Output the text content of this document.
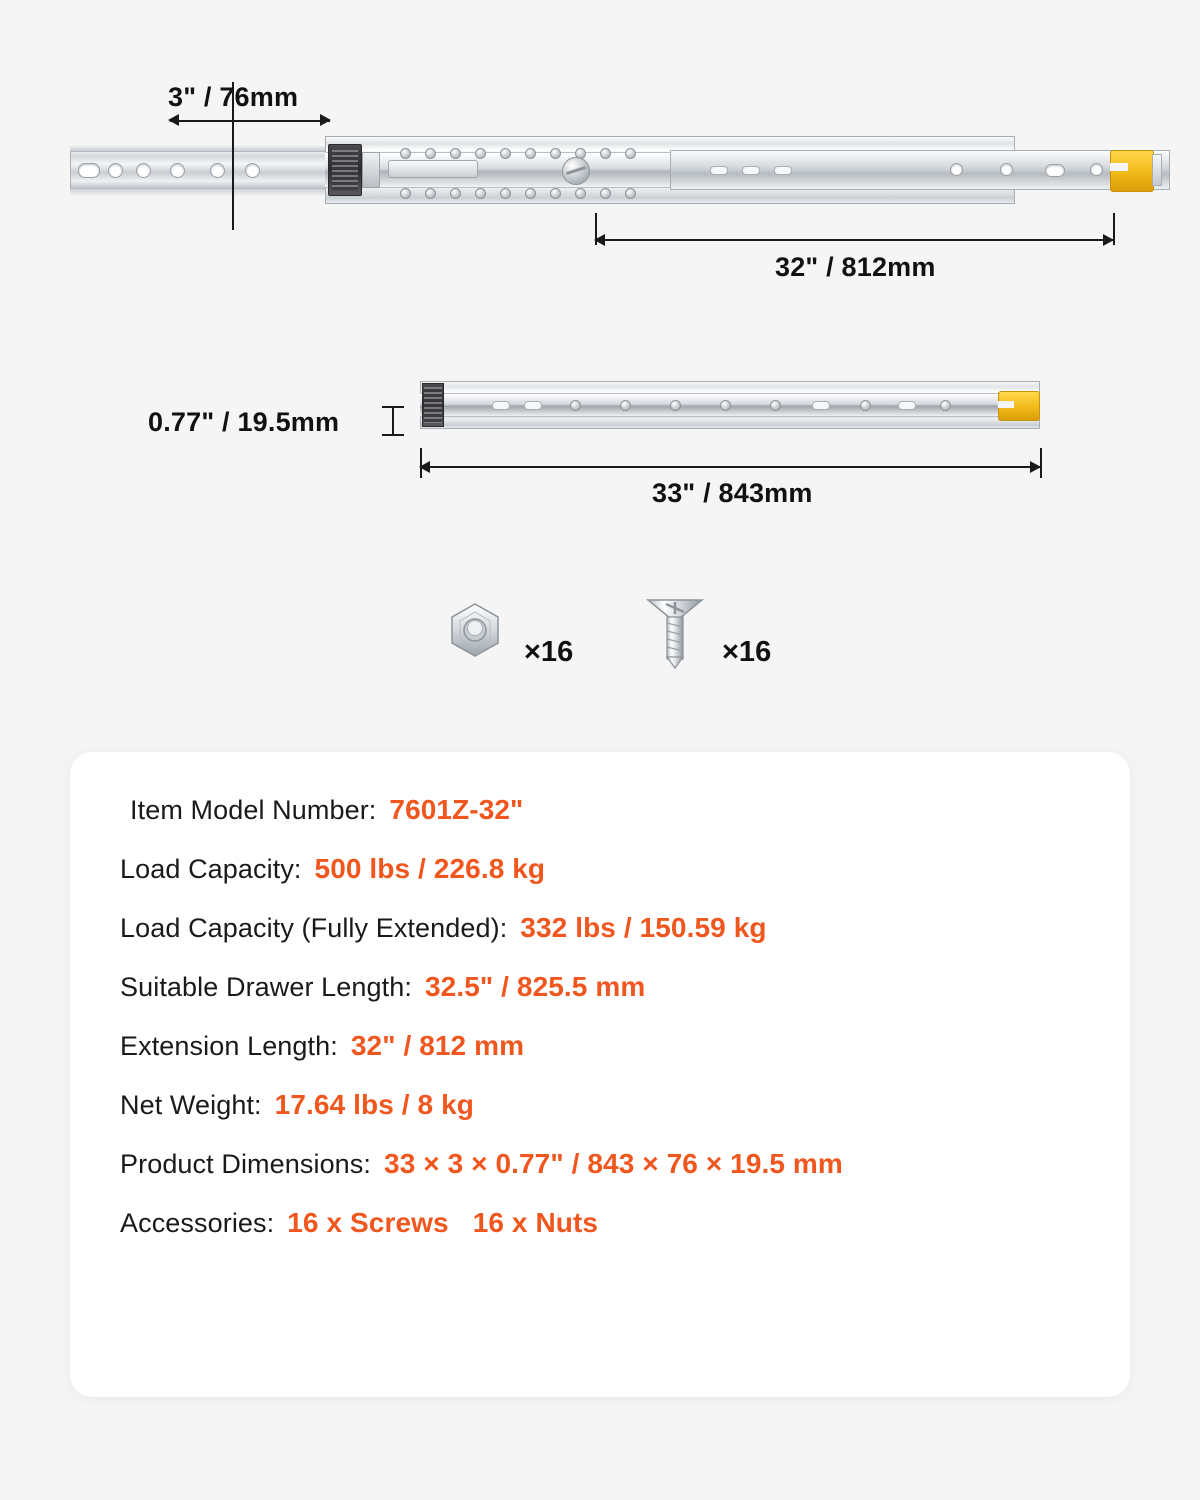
3" / 76mm
32" / 812mm
0.77" / 19.5mm
33" / 843mm
×16	×16
Item Model Number: 7601Z-32"
Load Capacity: 500 lbs / 226.8 kg
Load Capacity (Fully Extended): 332 lbs / 150.59 kg
Suitable Drawer Length: 32.5" / 825.5 mm
Extension Length: 32" / 812 mm
Net Weight: 17.64 lbs / 8 kg
Product Dimensions: 33 × 3 × 0.77" / 843 × 76 × 19.5 mm
Accessories: 16 x Screws 16 x Nuts
